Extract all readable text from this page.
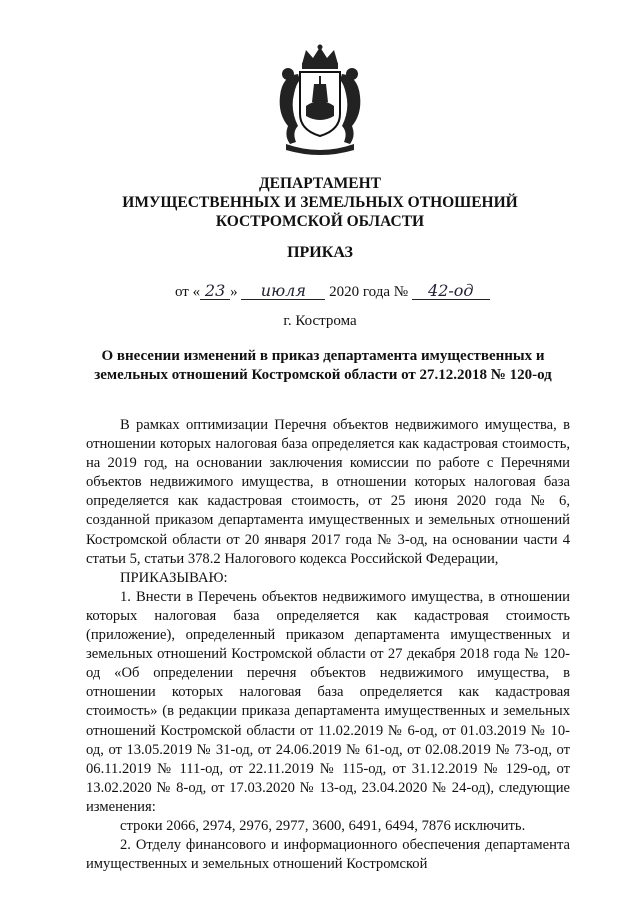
ДЕПАРТАМЕНТ
ИМУЩЕСТВЕННЫХ И ЗЕМЕЛЬНЫХ ОТНОШЕНИЙ
КОСТРОМСКОЙ ОБЛАСТИ
ПРИКАЗ
от « 23 » июля 2020 года № 42-од
г. Кострома
О внесении изменений в приказ департамента имущественных и
земельных отношений Костромской области от 27.12.2018 № 120-од

В рамках оптимизации Перечня объектов недвижимого имущества, в отношении которых налоговая база определяется как кадастровая стоимость, на 2019 год, на основании заключения комиссии по работе с Перечнями объектов недвижимого имущества, в отношении которых налоговая база определяется как кадастровая стоимость, от 25 июня 2020 года № 6, созданной приказом департамента имущественных и земельных отношений Костромской области от 20 января 2017 года № 3-од, на основании части 4 статьи 5, статьи 378.2 Налогового кодекса Российской Федерации,

ПРИКАЗЫВАЮ:

1. Внести в Перечень объектов недвижимого имущества, в отношении которых налоговая база определяется как кадастровая стоимость (приложение), определенный приказом департамента имущественных и земельных отношений Костромской области от 27 декабря 2018 года № 120-од «Об определении перечня объектов недвижимого имущества, в отношении которых налоговая база определяется как кадастровая стоимость» (в редакции приказа департамента имущественных и земельных отношений Костромской области от 11.02.2019 № 6-од, от 01.03.2019 № 10-од, от 13.05.2019 № 31-од, от 24.06.2019 № 61-од, от 02.08.2019 № 73-од, от 06.11.2019 № 111-од, от 22.11.2019 № 115-од, от 31.12.2019 № 129-од, от 13.02.2020 № 8-од, от 17.03.2020 № 13-од, 23.04.2020 № 24-од), следующие изменения:

строки 2066, 2974, 2976, 2977, 3600, 6491, 6494, 7876 исключить.

2. Отделу финансового и информационного обеспечения департамента имущественных и земельных отношений Костромской
